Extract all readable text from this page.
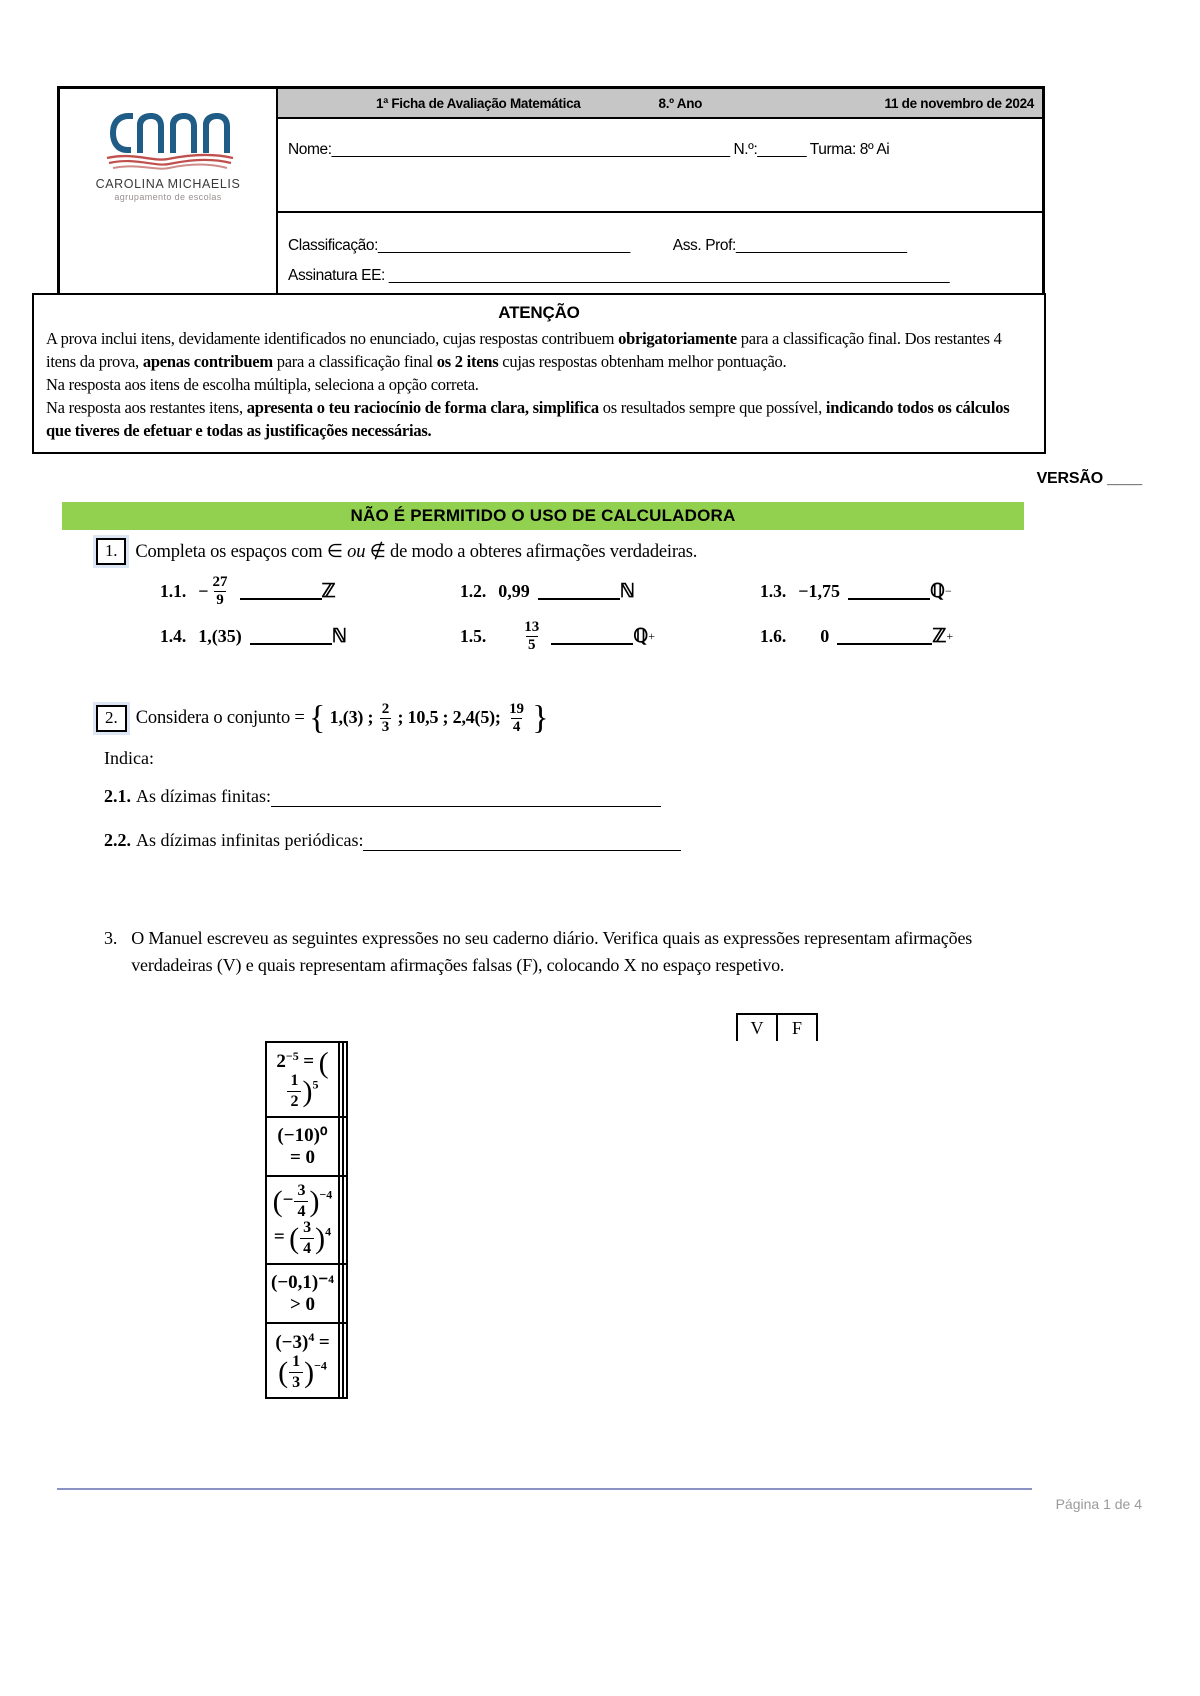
CAROLINA MICHAELIS
agrupamento de escolas

1ª Ficha de Avaliação Matemática	8.º Ano	11 de novembro de 2024

Nome:_________________________________________________ N.º:______ Turma: 8º Ai

Classificação:_______________________________	Ass. Prof:_____________________
Assinatura EE: _____________________________________________________________________
ATENÇÃO
A prova inclui itens, devidamente identificados no enunciado, cujas respostas contribuem obrigatoriamente para a classificação final. Dos restantes 4 itens da prova, apenas contribuem para a classificação final os 2 itens cujas respostas obtenham melhor pontuação.
Na resposta aos itens de escolha múltipla, seleciona a opção correta.
Na resposta aos restantes itens, apresenta o teu raciocínio de forma clara, simplifica os resultados sempre que possível, indicando todos os cálculos que tiveres de efetuar e todas as justificações necessárias.
VERSÃO ____
NÃO É PERMITIDO O USO DE CALCULADORA
1. Completa os espaços com ∈ ou ∉ de modo a obteres afirmações verdadeiras.
1.1. − $\frac{27}{9}$	ℤ	1.2. 0,99	ℕ	1.3. −1,75	ℚ −
1.4. 1,(35)	ℕ	1.5. $\frac{13}{5}$	ℚ +	1.6. 0	ℤ +
2. Considera o conjunto = { 1,(3) ; $\frac{2}{3}$ ; 10,5 ; 2,4(5); $\frac{19}{4}$ }
Indica:
2.1. As dízimas finitas:
2.2. As dízimas infinitas periódicas:
3. O Manuel escreveu as seguintes expressões no seu caderno diário. Verifica quais as expressões representam afirmações verdadeiras (V) e quais representam afirmações falsas (F), colocando X no espaço respetivo.
V	F
$2^{-5}$ = (
$\frac{1}{2} )^5$		
(−10)⁰ = 0		
(− $\frac{3}{4} )^{-4}$ = ( $\frac{3}{4} )^4$		
(−0,1)⁻⁴ > 0		
$(-3)^4$ = ( $\frac{1}{3} )^{-4}$		
Página 1 de 4
